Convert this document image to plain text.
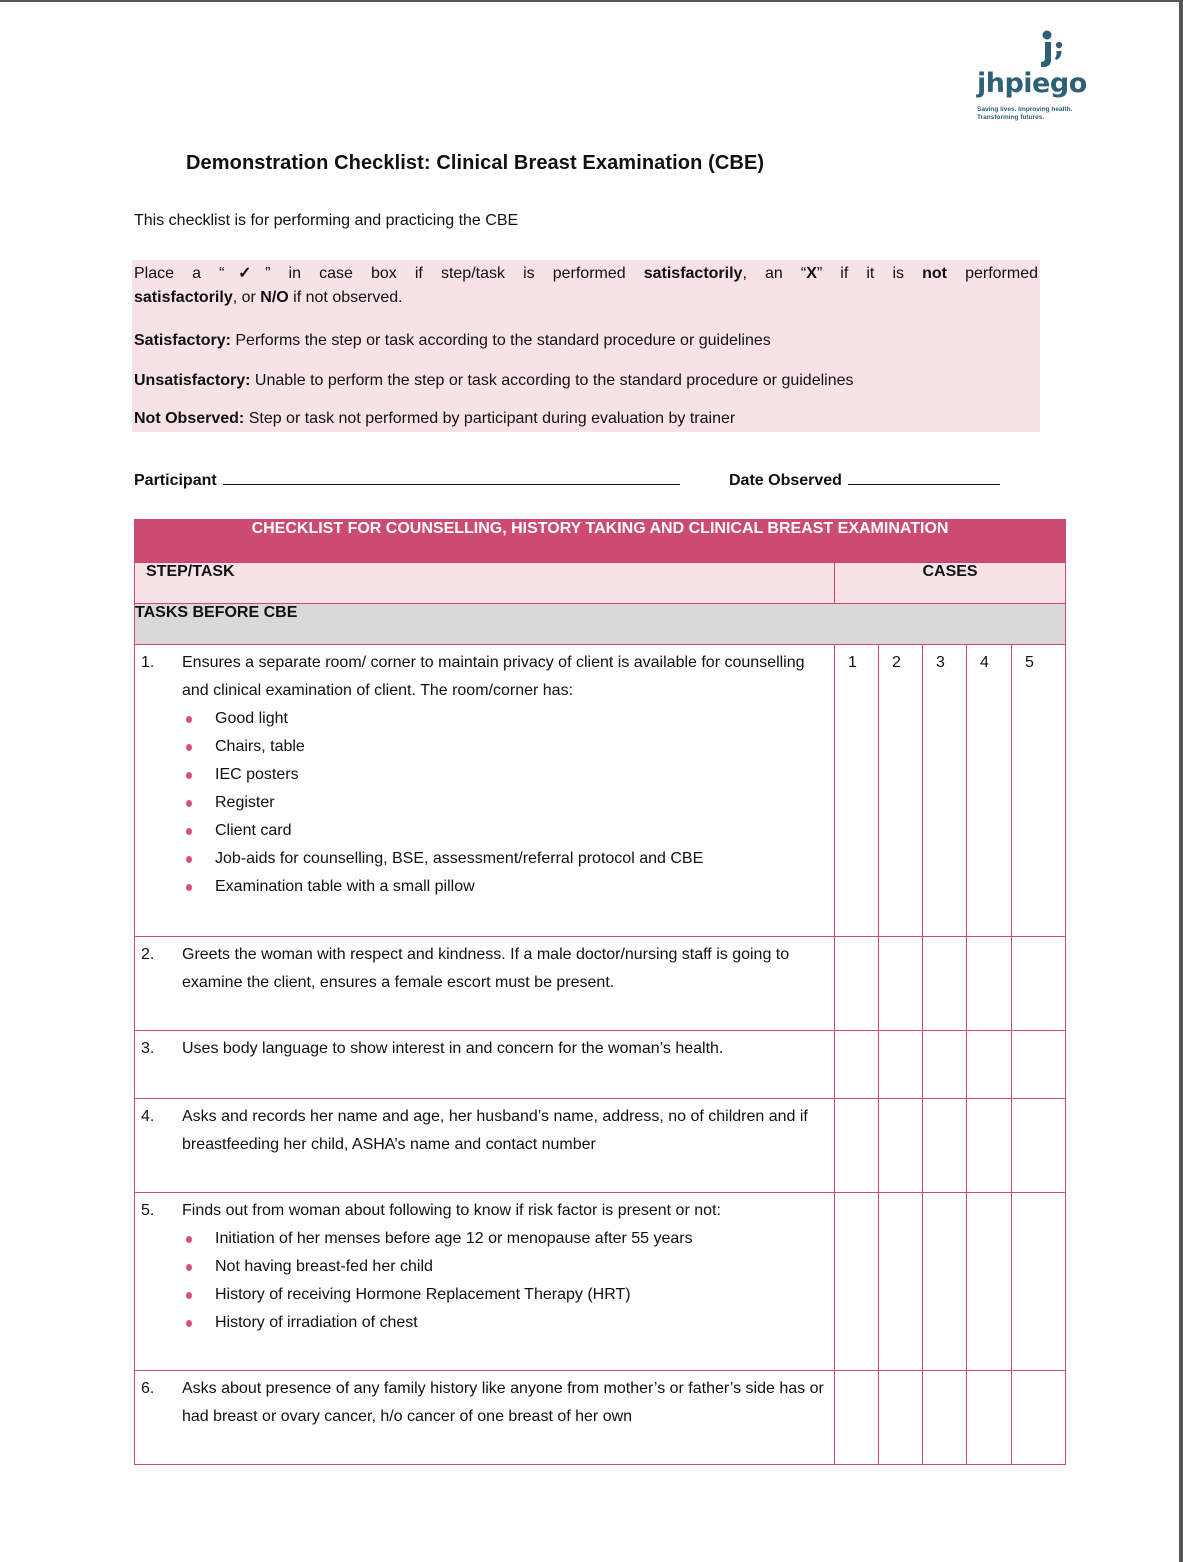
jhpiego
Saving lives. Improving health.
Transforming futures.
Demonstration Checklist: Clinical Breast Examination (CBE)
This checklist is for performing and practicing the CBE
Place a “✓” in case box if step/task is performed satisfactorily, an “X” if it is not performed
satisfactorily, or N/O if not observed.
Satisfactory: Performs the step or task according to the standard procedure or guidelines
Unsatisfactory: Unable to perform the step or task according to the standard procedure or guidelines
Not Observed: Step or task not performed by participant during evaluation by trainer
Participant	Date Observed
CHECKLIST FOR COUNSELLING, HISTORY TAKING AND CLINICAL BREAST EXAMINATION					
STEP/TASK	CASES				
TASKS BEFORE CBE					
1.	Ensures a separate room/ corner to maintain privacy of client is available for counselling and clinical examination of client. The room/corner has:
Good light
Chairs, table
IEC posters
Register
Client card
Job-aids for counselling, BSE, assessment/referral protocol and CBE
Examination table with a small pillow
	1	2	3	4	5
2. Greets the woman with respect and kindness. If a male doctor/nursing staff is going to examine the client, ensures a female escort must be present.					

3. Uses body language to show interest in and concern for the woman’s health.					

4. Asks and records her name and age, her husband’s name, address, no of children and if breastfeeding her child, ASHA’s name and contact number					

5.	Finds out from woman about following to know if risk factor is present or not:
Initiation of her menses before age 12 or menopause after 55 years
Not having breast-fed her child
History of receiving Hormone Replacement Therapy (HRT)
History of irradiation of chest

6. Asks about presence of any family history like anyone from mother’s or father’s side has or had breast or ovary cancer, h/o cancer of one breast of her own					
